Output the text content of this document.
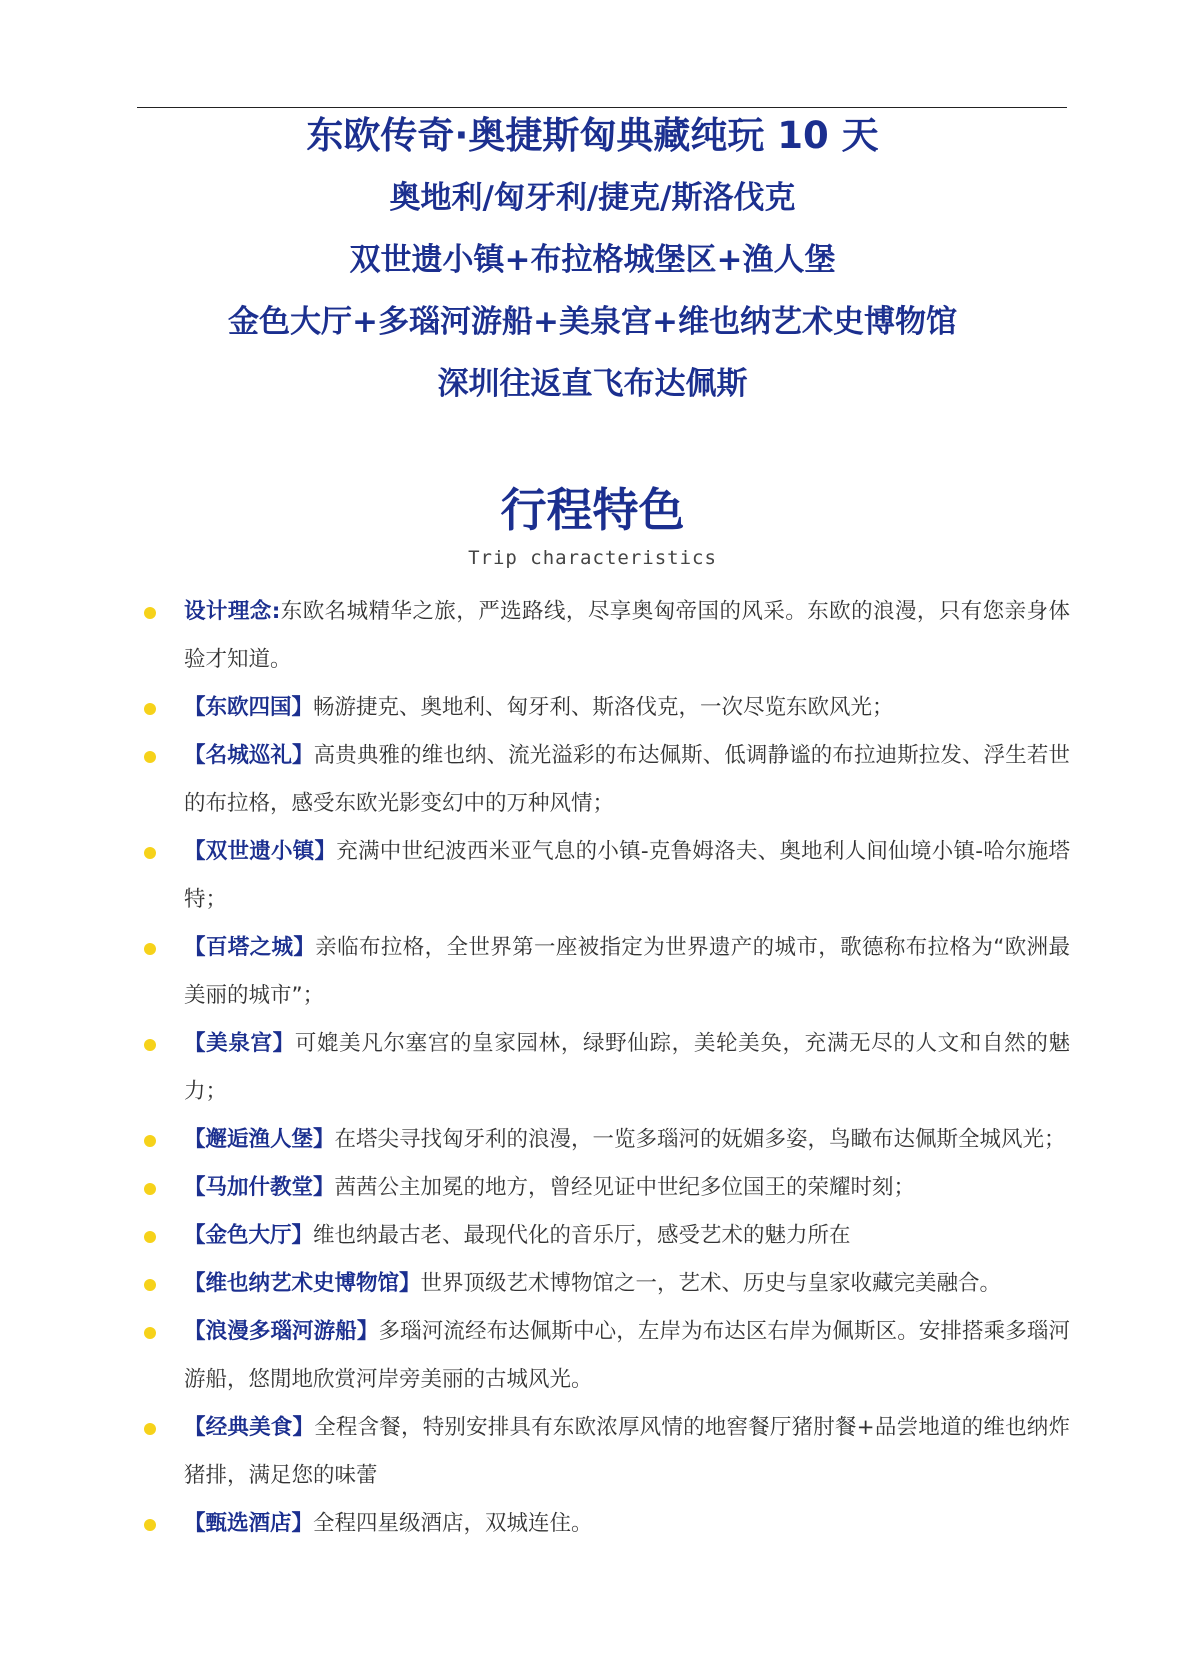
东欧传奇·奥捷斯匈典藏纯玩 10 天
奥地利/匈牙利/捷克/斯洛伐克
双世遗小镇+布拉格城堡区+渔人堡
金色大厅+多瑙河游船+美泉宫+维也纳艺术史博物馆
深圳往返直飞布达佩斯
行程特色
Trip characteristics
设计理念:东欧名城精华之旅，严选路线，尽享奥匈帝国的风采。东欧的浪漫，只有您亲身体验才知道。
【东欧四国】畅游捷克、奥地利、匈牙利、斯洛伐克，一次尽览东欧风光；
【名城巡礼】高贵典雅的维也纳、流光溢彩的布达佩斯、低调静谧的布拉迪斯拉发、浮生若世的布拉格，感受东欧光影变幻中的万种风情；
【双世遗小镇】充满中世纪波西米亚气息的小镇-克鲁姆洛夫、奥地利人间仙境小镇-哈尔施塔特；
【百塔之城】亲临布拉格，全世界第一座被指定为世界遗产的城市，歌德称布拉格为“欧洲最美丽的城市”；
【美泉宫】可媲美凡尔塞宫的皇家园林，绿野仙踪，美轮美奂，充满无尽的人文和自然的魅力；
【邂逅渔人堡】在塔尖寻找匈牙利的浪漫，一览多瑙河的妩媚多姿，鸟瞰布达佩斯全城风光；
【马加什教堂】茜茜公主加冕的地方，曾经见证中世纪多位国王的荣耀时刻；
【金色大厅】维也纳最古老、最现代化的音乐厅，感受艺术的魅力所在
【维也纳艺术史博物馆】世界顶级艺术博物馆之一，艺术、历史与皇家收藏完美融合。
【浪漫多瑙河游船】多瑙河流经布达佩斯中心，左岸为布达区右岸为佩斯区。安排搭乘多瑙河游船，悠閒地欣赏河岸旁美丽的古城风光。
【经典美食】全程含餐，特别安排具有东欧浓厚风情的地窖餐厅猪肘餐+品尝地道的维也纳炸猪排，满足您的味蕾
【甄选酒店】全程四星级酒店，双城连住。
